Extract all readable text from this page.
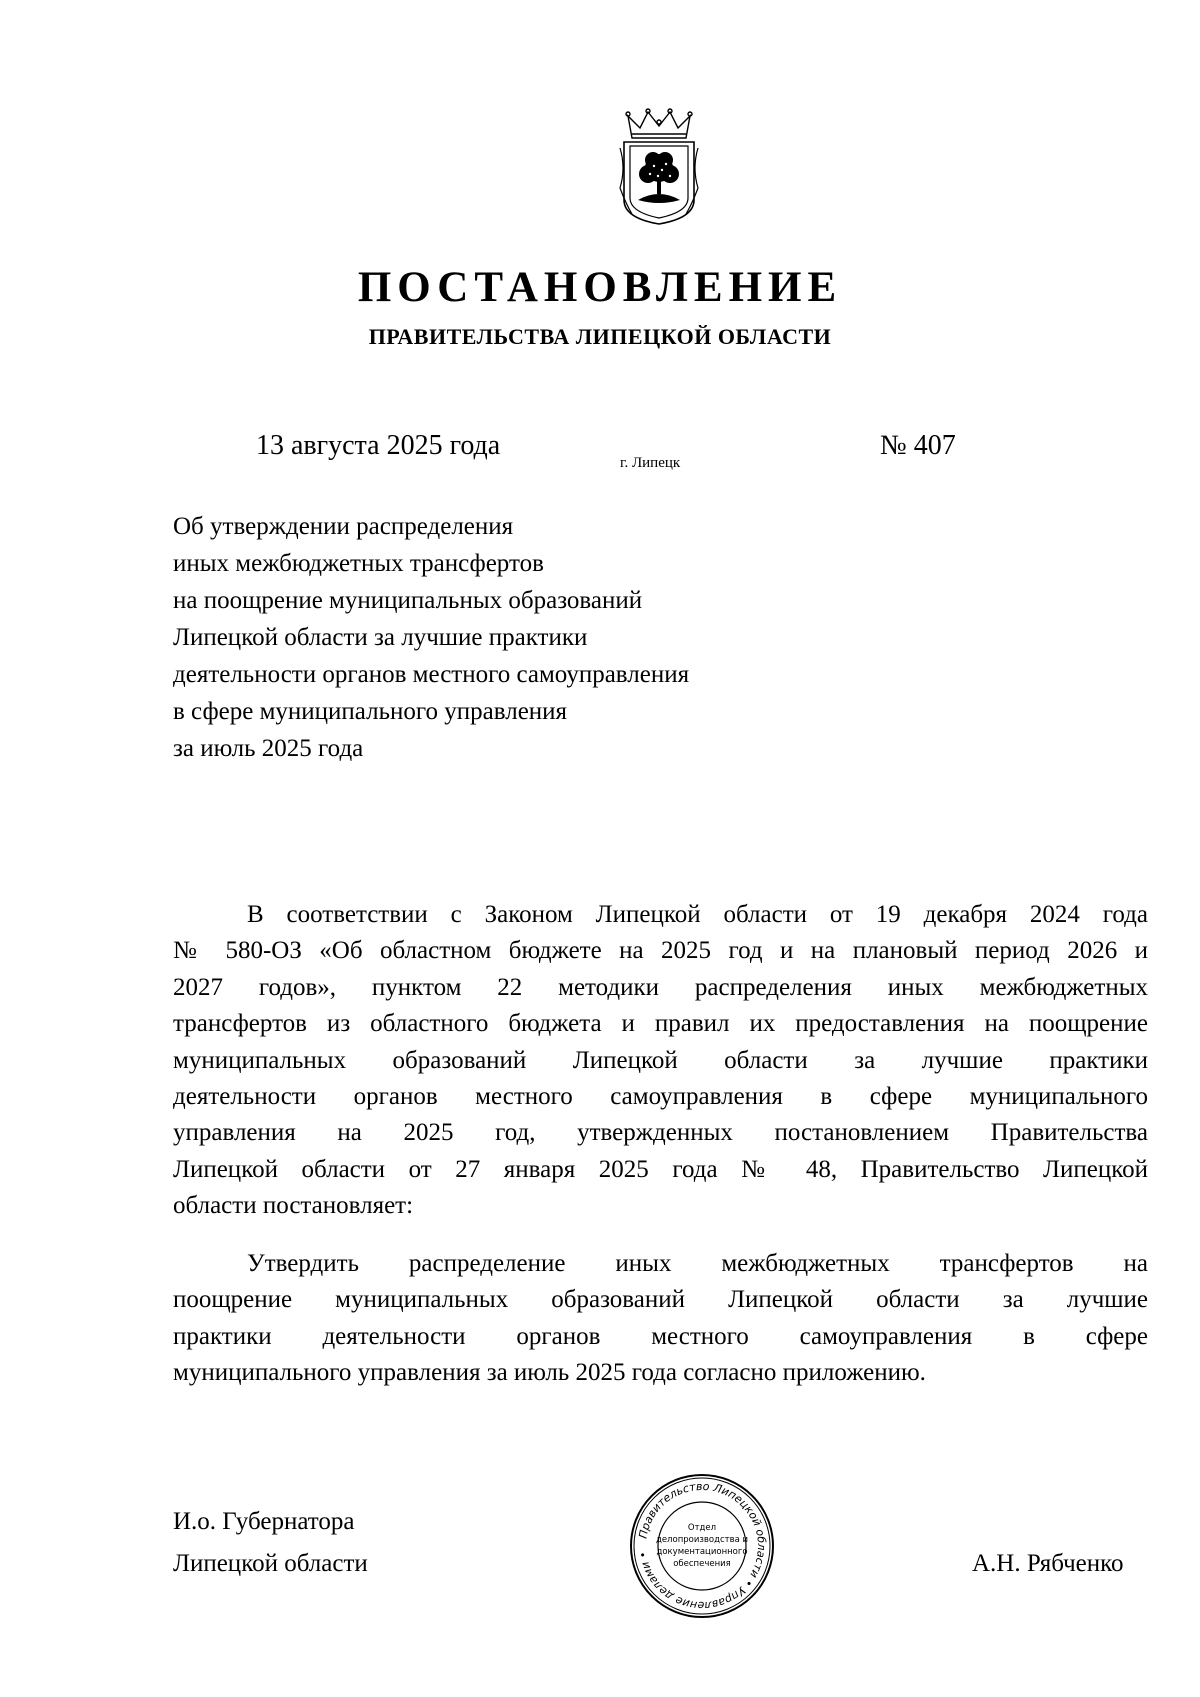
ПОСТАНОВЛЕНИЕ
ПРАВИТЕЛЬСТВА ЛИПЕЦКОЙ ОБЛАСТИ
13 августа 2025 года
г. Липецк
№ 407
Об утверждении распределения
иных межбюджетных трансфертов
на поощрение муниципальных образований
Липецкой области за лучшие практики
деятельности органов местного самоуправления
в сфере муниципального управления
за июль 2025 года
В соответствии с Законом Липецкой области от 19 декабря 2024 года
№ 580-ОЗ «Об областном бюджете на 2025 год и на плановый период 2026 и
2027 годов», пунктом 22 методики распределения иных межбюджетных
трансфертов из областного бюджета и правил их предоставления на поощрение
муниципальных образований Липецкой области за лучшие практики
деятельности органов местного самоуправления в сфере муниципального
управления на 2025 год, утвержденных постановлением Правительства
Липецкой области от 27 января 2025 года № 48, Правительство Липецкой
области постановляет:
Утвердить распределение иных межбюджетных трансфертов на
поощрение муниципальных образований Липецкой области за лучшие
практики деятельности органов местного самоуправления в сфере
муниципального управления за июль 2025 года согласно приложению.
И.о. Губернатора
Липецкой области
Правительство Липецкой области • Управление делами •
Отдел
делопроизводства и
документационного
обеспечения	А.Н. Рябченко
